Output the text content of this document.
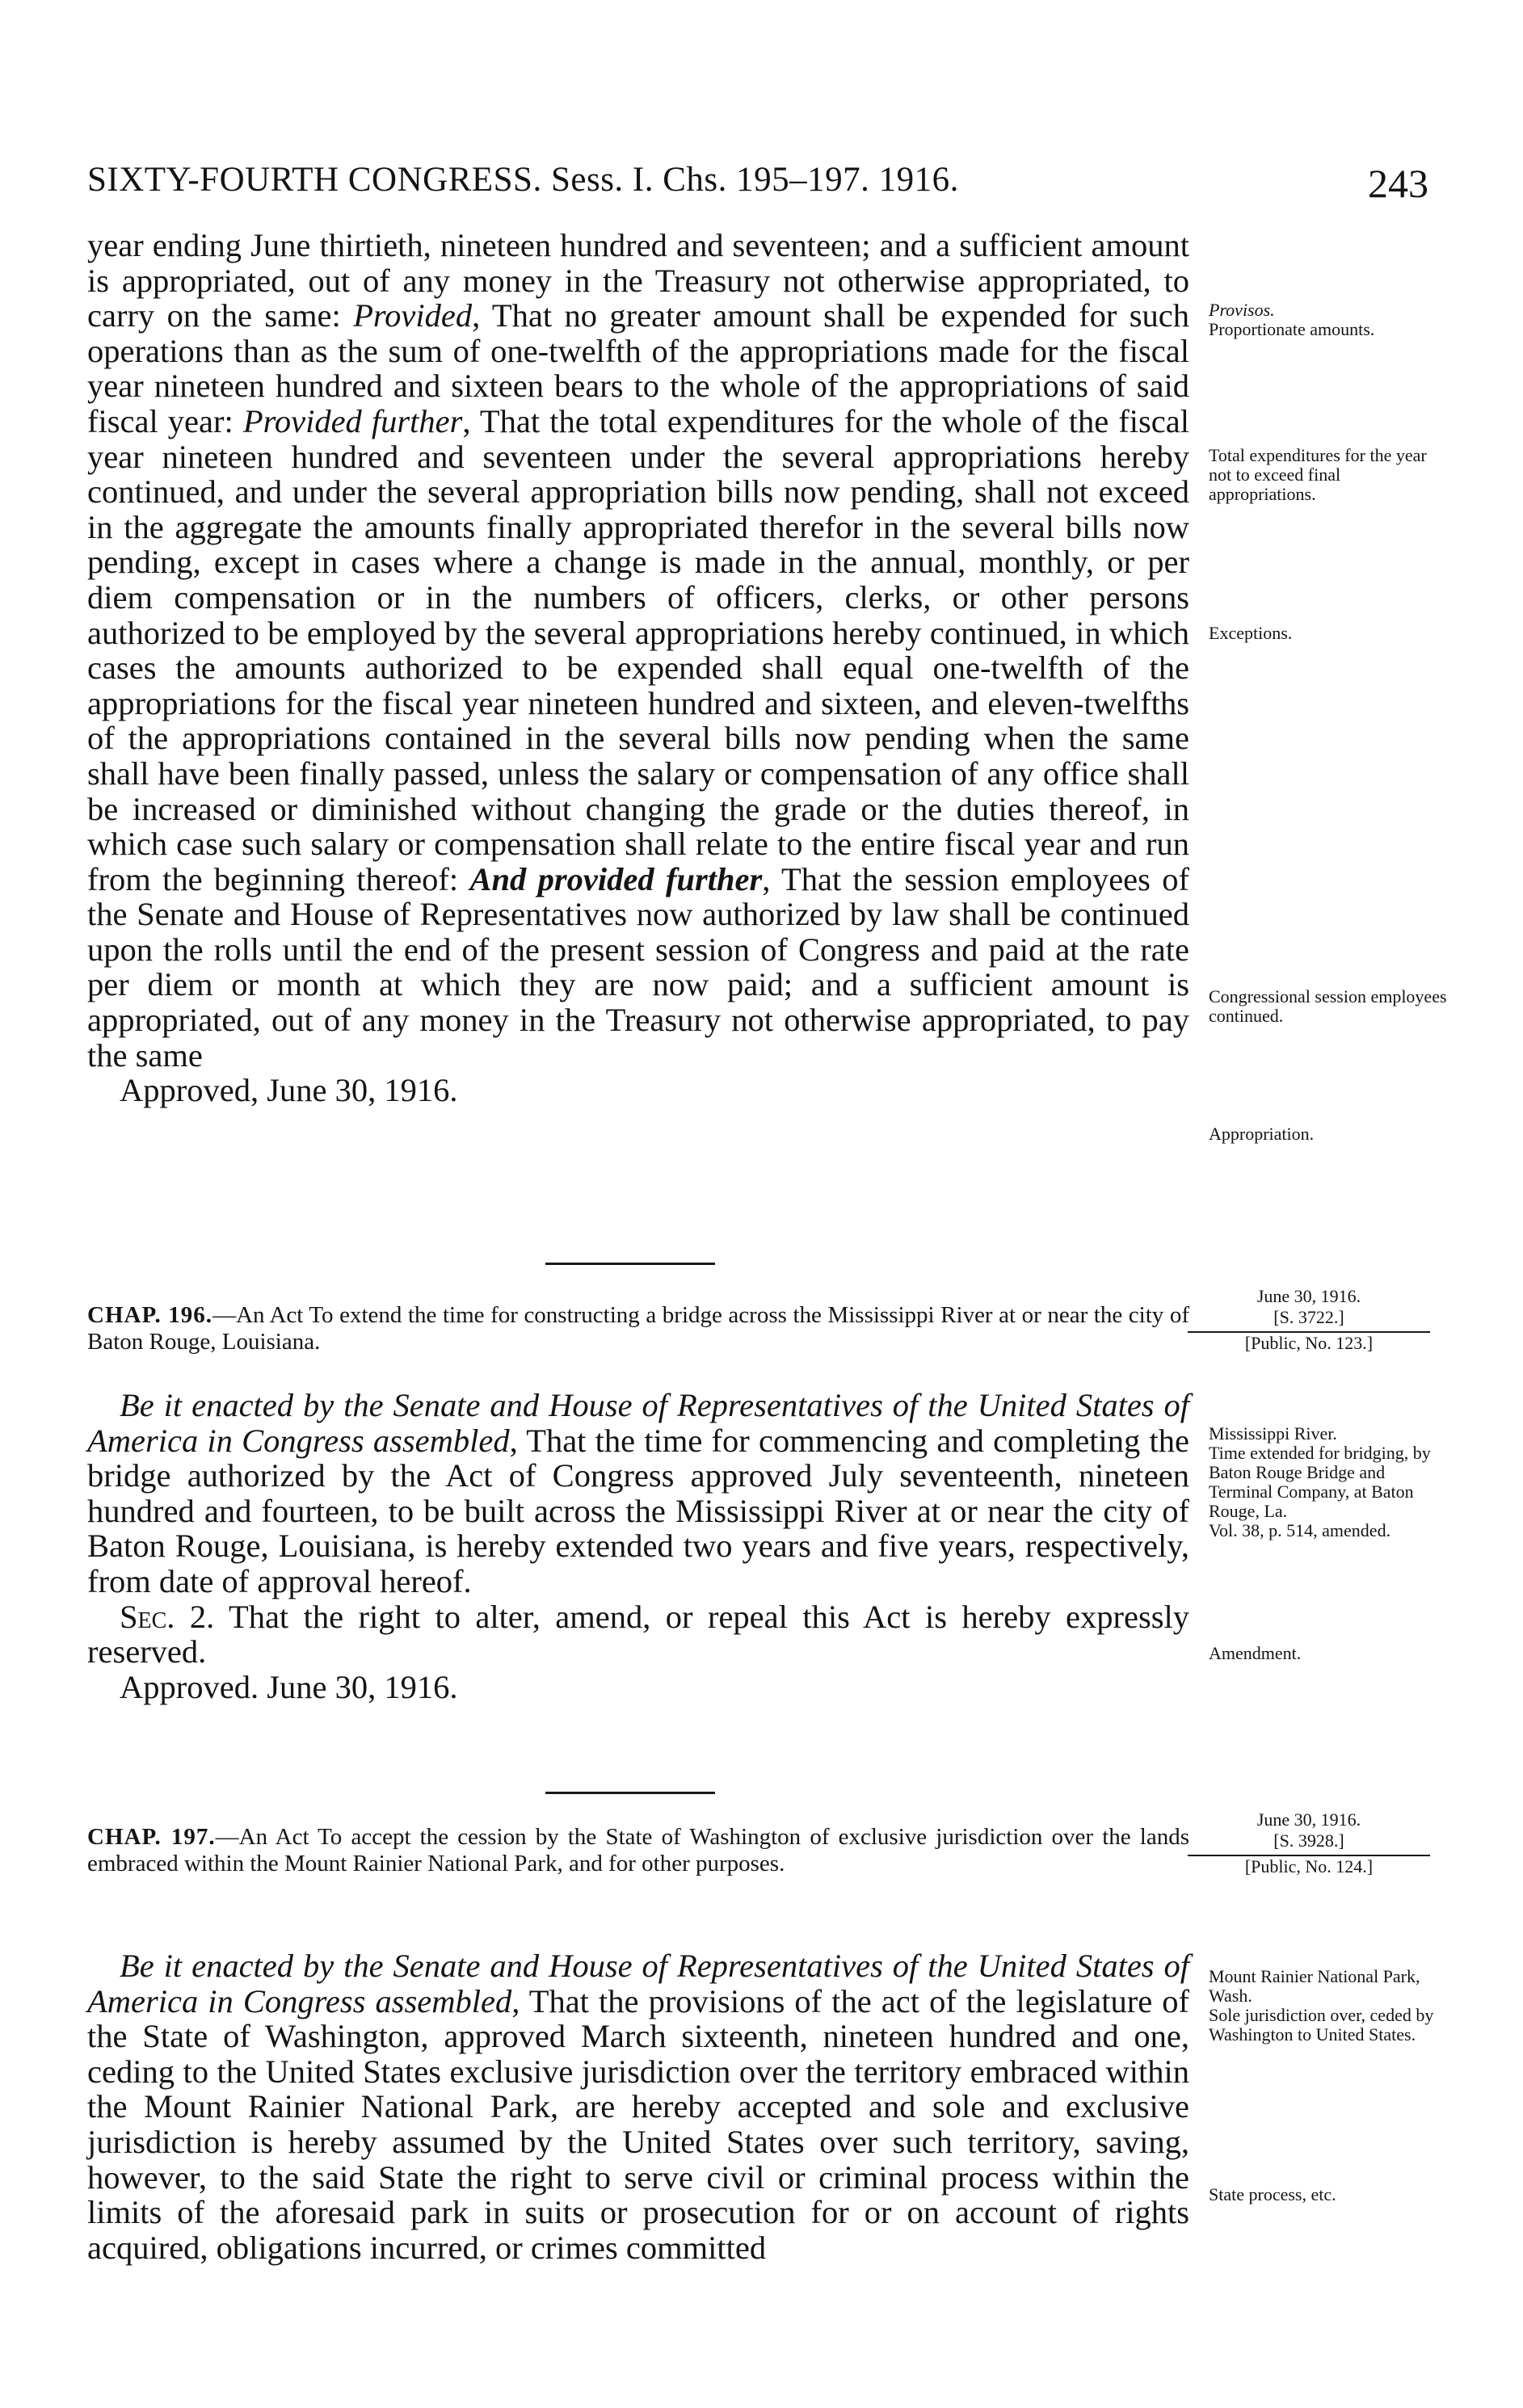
SIXTY-FOURTH CONGRESS. Sess. I. Chs. 195–197. 1916.	243

year ending June thirtieth, nineteen hundred and seventeen; and a sufficient amount is appropriated, out of any money in the Treasury not otherwise appropriated, to carry on the same: Provided, That no greater amount shall be expended for such operations than as the sum of one-twelfth of the appropriations made for the fiscal year nineteen hundred and sixteen bears to the whole of the appropriations of said fiscal year: Provided further, That the total expenditures for the whole of the fiscal year nineteen hundred and seventeen under the several appropriations hereby continued, and under the several appropriation bills now pending, shall not exceed in the aggregate the amounts finally appropriated therefor in the several bills now pending, except in cases where a change is made in the annual, monthly, or per diem compensation or in the numbers of officers, clerks, or other persons authorized to be employed by the several appropriations hereby continued, in which cases the amounts authorized to be expended shall equal one-twelfth of the appropriations for the fiscal year nineteen hundred and sixteen, and eleven-twelfths of the appropriations contained in the several bills now pending when the same shall have been finally passed, unless the salary or compensation of any office shall be increased or diminished without changing the grade or the duties thereof, in which case such salary or compensation shall relate to the entire fiscal year and run from the beginning thereof: And provided further, That the session employees of the Senate and House of Representatives now authorized by law shall be continued upon the rolls until the end of the present session of Congress and paid at the rate per diem or month at which they are now paid; and a sufficient amount is appropriated, out of any money in the Treasury not otherwise appropriated, to pay the same

Approved, June 30, 1916.

Provisos.
Proportionate amounts.
Total expenditures for the year not to exceed final appropriations.
Exceptions.
Congressional session employees continued.
Appropriation.
CHAP. 196.—An Act To extend the time for constructing a bridge across the Mississippi River at or near the city of Baton Rouge, Louisiana.
June 30, 1916.
[S. 3722.]
[Public, No. 123.]

Be it enacted by the Senate and House of Representatives of the United States of America in Congress assembled, That the time for commencing and completing the bridge authorized by the Act of Congress approved July seventeenth, nineteen hundred and fourteen, to be built across the Mississippi River at or near the city of Baton Rouge, Louisiana, is hereby extended two years and five years, respectively, from date of approval hereof.

Sec. 2. That the right to alter, amend, or repeal this Act is hereby expressly reserved.

Approved. June 30, 1916.

Mississippi River.
Time extended for bridging, by Baton Rouge Bridge and Terminal Company, at Baton Rouge, La.
Vol. 38, p. 514, amended.
Amendment.
CHAP. 197.—An Act To accept the cession by the State of Washington of exclusive jurisdiction over the lands embraced within the Mount Rainier National Park, and for other purposes.
June 30, 1916.
[S. 3928.]
[Public, No. 124.]

Be it enacted by the Senate and House of Representatives of the United States of America in Congress assembled, That the provisions of the act of the legislature of the State of Washington, approved March sixteenth, nineteen hundred and one, ceding to the United States exclusive jurisdiction over the territory embraced within the Mount Rainier National Park, are hereby accepted and sole and exclusive jurisdiction is hereby assumed by the United States over such territory, saving, however, to the said State the right to serve civil or criminal process within the limits of the aforesaid park in suits or prosecution for or on account of rights acquired, obligations incurred, or crimes committed

Mount Rainier National Park, Wash.
Sole jurisdiction over, ceded by Washington to United States.
State process, etc.
